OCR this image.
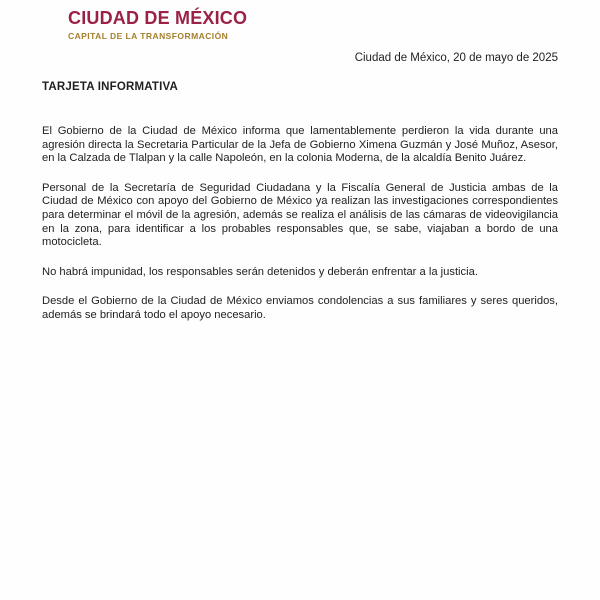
CIUDAD DE MÉXICO
CAPITAL DE LA TRANSFORMACIÓN
Ciudad de México, 20 de mayo de 2025
TARJETA INFORMATIVA

El Gobierno de la Ciudad de México informa que lamentablemente perdieron la vida durante una agresión directa la Secretaria Particular de la Jefa de Gobierno Ximena Guzmán y José Muñoz, Asesor, en la Calzada de Tlalpan y la calle Napoleón, en la colonia Moderna, de la alcaldía Benito Juárez.

Personal de la Secretaría de Seguridad Ciudadana y la Fiscalía General de Justicia ambas de la Ciudad de México con apoyo del Gobierno de México ya realizan las investigaciones correspondientes para determinar el móvil de la agresión, además se realiza el análisis de las cámaras de videovigilancia en la zona, para identificar a los probables responsables que, se sabe, viajaban a bordo de una motocicleta.

No habrá impunidad, los responsables serán detenidos y deberán enfrentar a la justicia.

Desde el Gobierno de la Ciudad de México enviamos condolencias a sus familiares y seres queridos, además se brindará todo el apoyo necesario.
